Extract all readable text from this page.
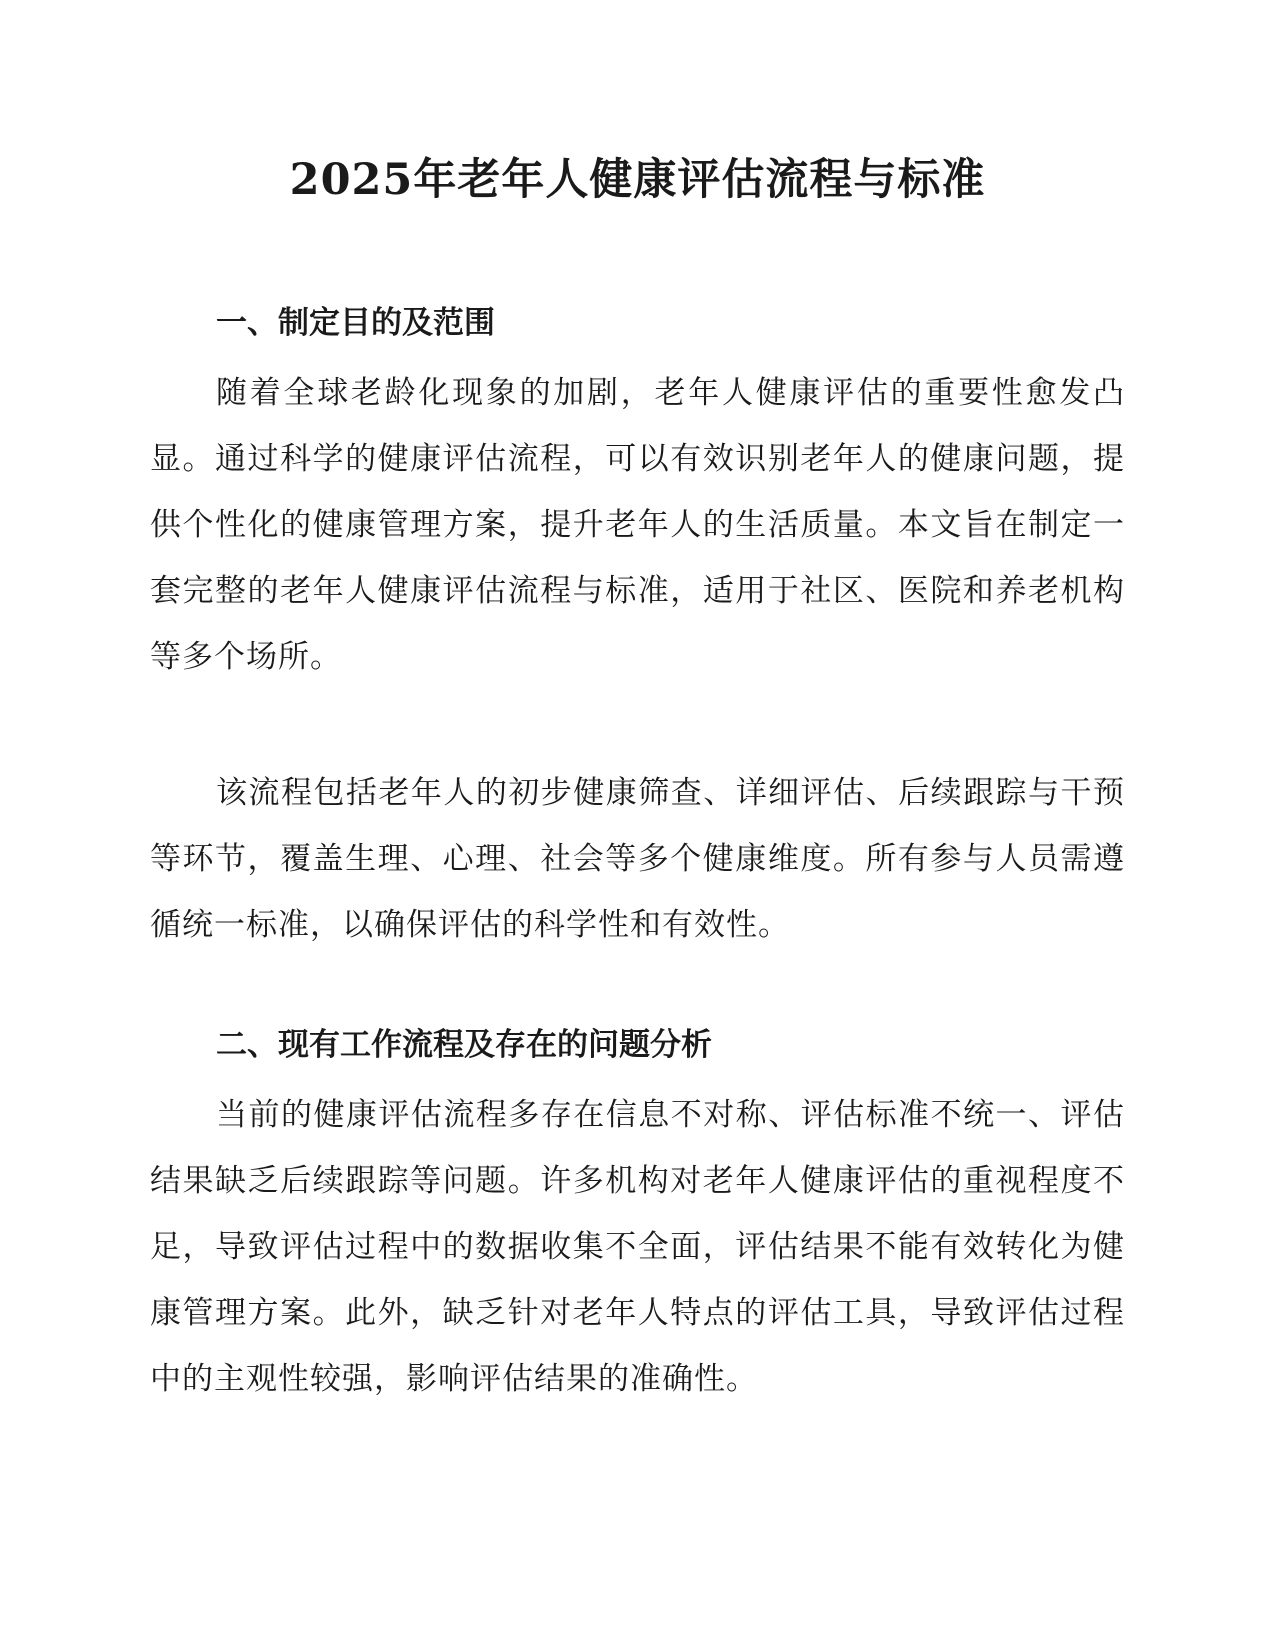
2025年老年人健康评估流程与标准
一、制定目的及范围

随着全球老龄化现象的加剧，老年人健康评估的重要性愈发凸显。通过科学的健康评估流程，可以有效识别老年人的健康问题，提供个性化的健康管理方案，提升老年人的生活质量。本文旨在制定一套完整的老年人健康评估流程与标准，适用于社区、医院和养老机构等多个场所。

该流程包括老年人的初步健康筛查、详细评估、后续跟踪与干预等环节，覆盖生理、心理、社会等多个健康维度。所有参与人员需遵循统一标准，以确保评估的科学性和有效性。

二、现有工作流程及存在的问题分析

当前的健康评估流程多存在信息不对称、评估标准不统一、评估结果缺乏后续跟踪等问题。许多机构对老年人健康评估的重视程度不足，导致评估过程中的数据收集不全面，评估结果不能有效转化为健康管理方案。此外，缺乏针对老年人特点的评估工具，导致评估过程中的主观性较强，影响评估结果的准确性。
